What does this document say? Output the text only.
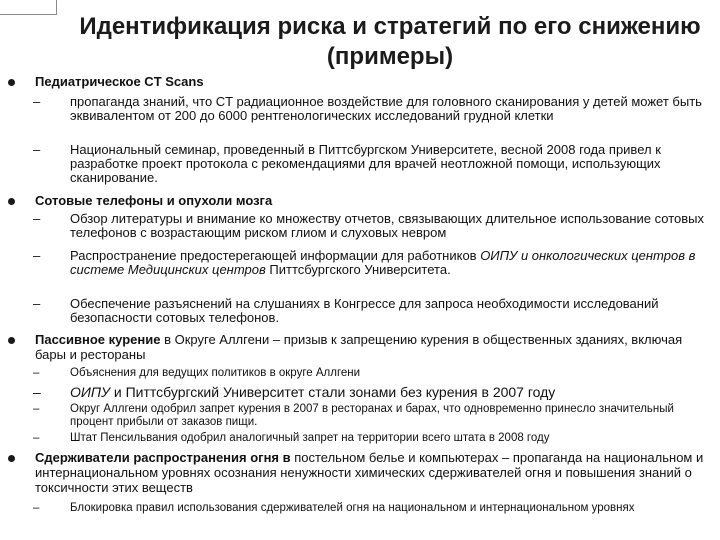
Идентификация риска и стратегий по его снижению (примеры)
Педиатрическое CT Scans
–	пропаганда знаний, что CT радиационное воздействие для головного сканирования у детей может быть эквивалентом от 200 до 6000 рентгенологических исследований грудной клетки
–	Национальный семинар, проведенный в Питтсбургском Университете, весной 2008 года привел к разработке проект протокола с рекомендациями для врачей неотложной помощи, использующих сканирование.
Сотовые телефоны и опухоли мозга
–	Обзор литературы и внимание ко множеству отчетов, связывающих длительное использование сотовых телефонов с возрастающим риском глиом и слуховых невром
–	Распространение предостерегающей информации для работников ОИПУ и онкологических центров в системе Медицинских центров Питтсбургского Университета.
–	Обеспечение разъяснений на слушаниях в Конгрессе для запроса необходимости исследований безопасности сотовых телефонов.
Пассивное курение в Округе Аллгени – призыв к запрещению курения в общественных зданиях, включая бары и рестораны
–	Объяснения для ведущих политиков в округе Аллгени
–	ОИПУ и Питтсбургский Университет стали зонами без курения в 2007 году
–	Округ Аллгени одобрил запрет курения в 2007 в ресторанах и барах, что одновременно принесло значительный процент прибыли от заказов пищи.
–	Штат Пенсильвания одобрил аналогичный запрет на территории всего штата в 2008 году
Сдерживатели распространения огня в постельном белье и компьютерах – пропаганда на национальном и интернациональном уровнях осознания ненужности химических сдерживателей огня и повышения знаний о токсичности этих веществ
–	Блокировка правил использования сдерживателей огня на национальном и интернациональном уровнях
